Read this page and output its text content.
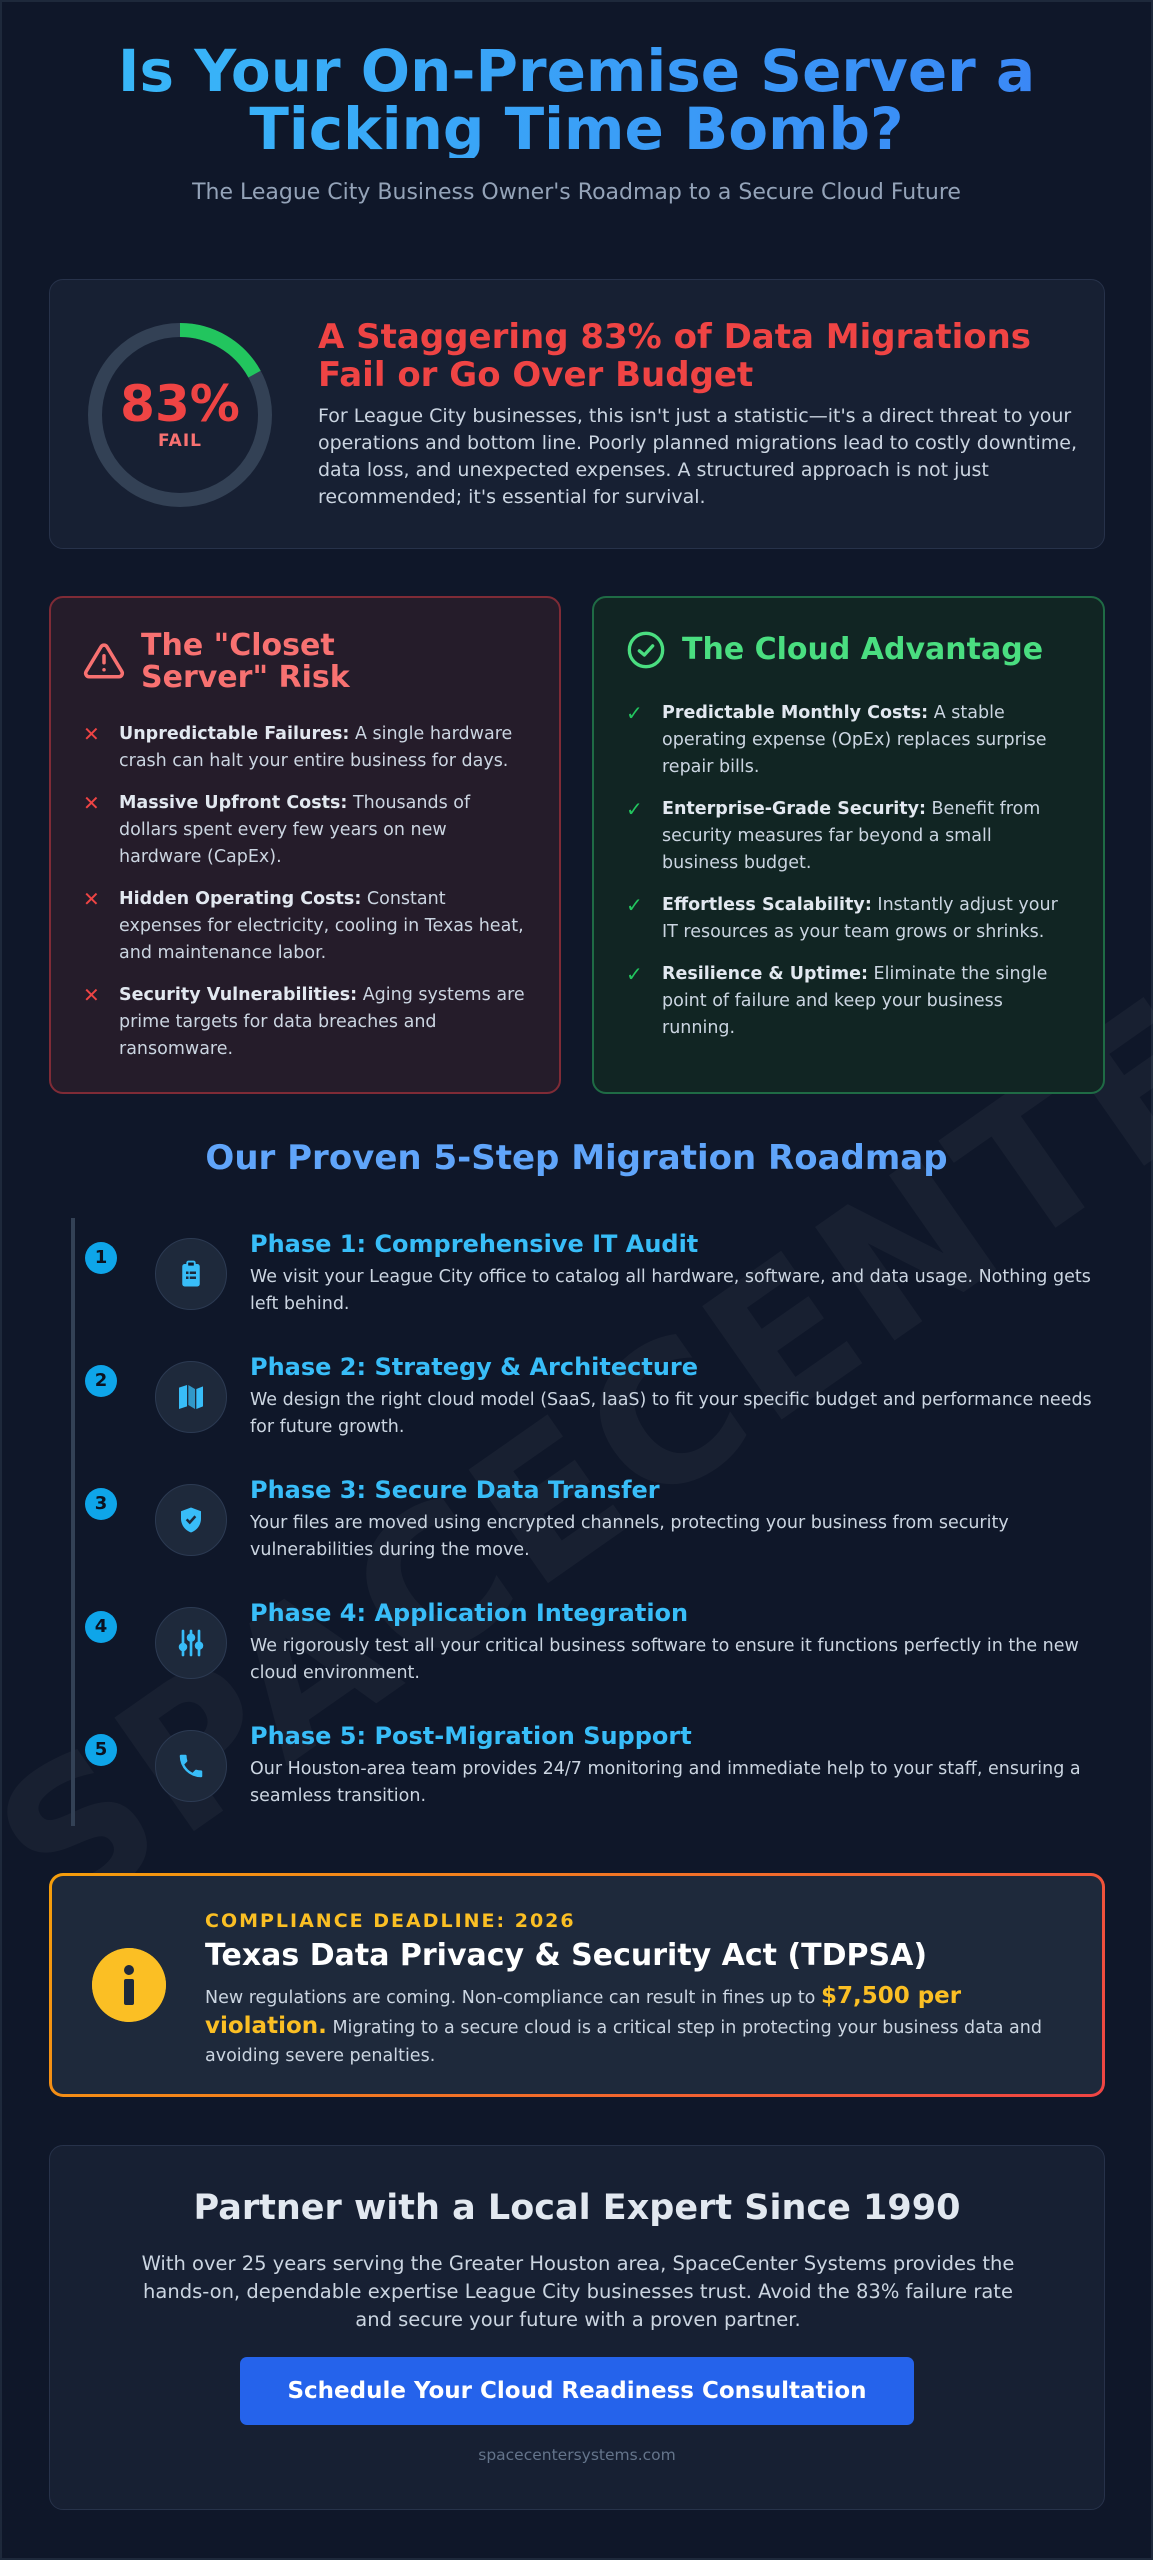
Is Your On-Premise Server a Ticking Time Bomb?
The League City Business Owner's Roadmap to a Secure Cloud Future
83%
FAIL
A Staggering 83% of Data Migrations Fail or Go Over Budget
For League City businesses, this isn't just a statistic—it's a direct threat to your operations and bottom line. Poorly planned migrations lead to costly downtime, data loss, and unexpected expenses. A structured approach is not just recommended; it's essential for survival.
The "Closet Server" Risk
✕	Unpredictable Failures: A single hardware crash can halt your entire business for days.
✕	Massive Upfront Costs: Thousands of dollars spent every few years on new hardware (CapEx).
✕	Hidden Operating Costs: Constant expenses for electricity, cooling in Texas heat, and maintenance labor.
✕	Security Vulnerabilities: Aging systems are prime targets for data breaches and ransomware.
The Cloud Advantage
✓	Predictable Monthly Costs: A stable operating expense (OpEx) replaces surprise repair bills.
✓	Enterprise-Grade Security: Benefit from security measures far beyond a small business budget.
✓	Effortless Scalability: Instantly adjust your IT resources as your team grows or shrinks.
✓	Resilience & Uptime: Eliminate the single point of failure and keep your business running.
Our Proven 5-Step Migration Roadmap
1	Phase 1: Comprehensive IT Audit
We visit your League City office to catalog all hardware, software, and data usage. Nothing gets left behind.
2	Phase 2: Strategy & Architecture
We design the right cloud model (SaaS, IaaS) to fit your specific budget and performance needs for future growth.
3	Phase 3: Secure Data Transfer
Your files are moved using encrypted channels, protecting your business from security vulnerabilities during the move.
4	Phase 4: Application Integration
We rigorously test all your critical business software to ensure it functions perfectly in the new cloud environment.
5	Phase 5: Post-Migration Support
Our Houston-area team provides 24/7 monitoring and immediate help to your staff, ensuring a seamless transition.
COMPLIANCE DEADLINE: 2026
Texas Data Privacy & Security Act (TDPSA)
New regulations are coming. Non-compliance can result in fines up to $7,500 per violation. Migrating to a secure cloud is a critical step in protecting your business data and avoiding severe penalties.
Partner with a Local Expert Since 1990
With over 25 years serving the Greater Houston area, SpaceCenter Systems provides the hands-on, dependable expertise League City businesses trust. Avoid the 83% failure rate and secure your future with a proven partner.
Schedule Your Cloud Readiness Consultation
spacecentersystems.com
